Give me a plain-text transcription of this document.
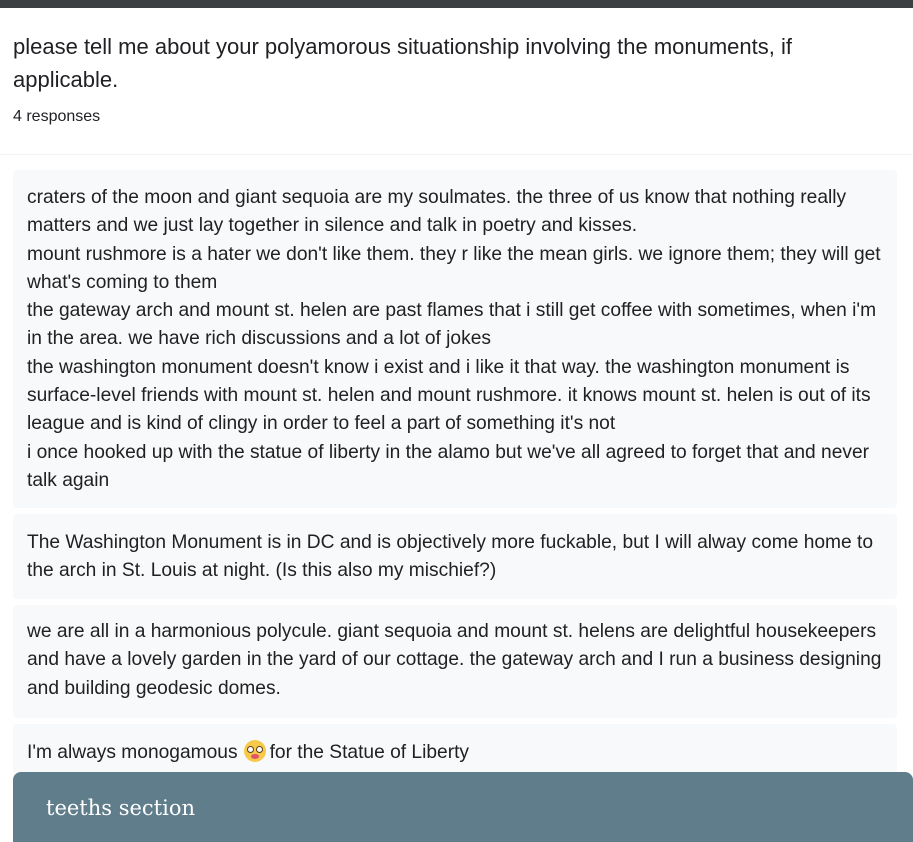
please tell me about your polyamorous situationship involving the monuments, if applicable.
4 responses

craters of the moon and giant sequoia are my soulmates. the three of us know that nothing really matters and we just lay together in silence and talk in poetry and kisses.

mount rushmore is a hater we don't like them. they r like the mean girls. we ignore them; they will get what's coming to them

the gateway arch and mount st. helen are past flames that i still get coffee with sometimes, when i'm in the area. we have rich discussions and a lot of jokes

the washington monument doesn't know i exist and i like it that way. the washington monument is surface-level friends with mount st. helen and mount rushmore. it knows mount st. helen is out of its league and is kind of clingy in order to feel a part of something it's not

i once hooked up with the statue of liberty in the alamo but we've all agreed to forget that and never talk again

The Washington Monument is in DC and is objectively more fuckable, but I will alway come home to the arch in St. Louis at night. (Is this also my mischief?)

we are all in a harmonious polycule. giant sequoia and mount st. helens are delightful housekeepers and have a lovely garden in the yard of our cottage. the gateway arch and I run a business designing and building geodesic domes.

I'm always monogamous for the Statue of Liberty

teeths section
